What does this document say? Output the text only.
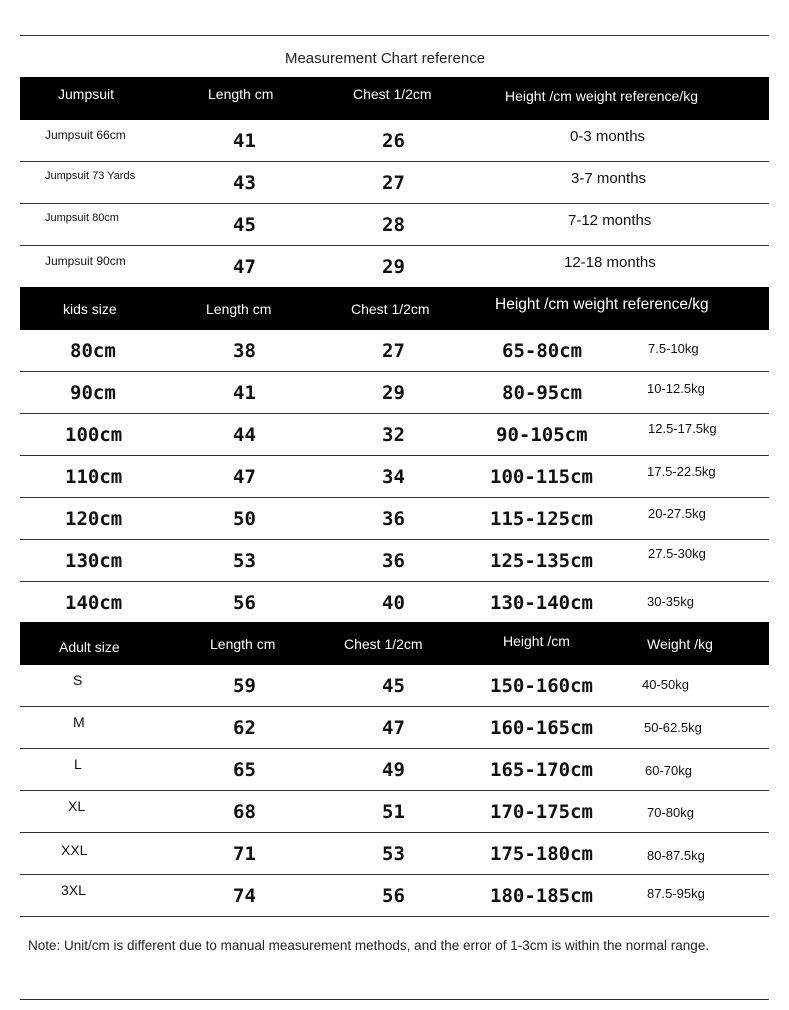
Measurement Chart reference
Jumpsuit	Length cm	Chest 1/2cm	Height /cm weight reference/kg
Jumpsuit 66cm	41	26	0-3 months
Jumpsuit 73 Yards	43	27	3-7 months
Jumpsuit 80cm	45	28	7-12 months
Jumpsuit 90cm	47	29	12-18 months
kids size	Length cm	Chest 1/2cm	Height /cm weight reference/kg
80cm	38	27	65-80cm	7.5-10kg
90cm	41	29	80-95cm	10-12.5kg
100cm	44	32	90-105cm	12.5-17.5kg
110cm	47	34	100-115cm	17.5-22.5kg
120cm	50	36	115-125cm	20-27.5kg
130cm	53	36	125-135cm	27.5-30kg
140cm	56	40	130-140cm	30-35kg
Adult size	Length cm	Chest 1/2cm	Height /cm	Weight /kg
S	59	45	150-160cm	40-50kg
M	62	47	160-165cm	50-62.5kg
L	65	49	165-170cm	60-70kg
XL	68	51	170-175cm	70-80kg
XXL	71	53	175-180cm	80-87.5kg
3XL	74	56	180-185cm	87.5-95kg
Note: Unit/cm is different due to manual measurement methods, and the error of 1-3cm is within the normal range.
